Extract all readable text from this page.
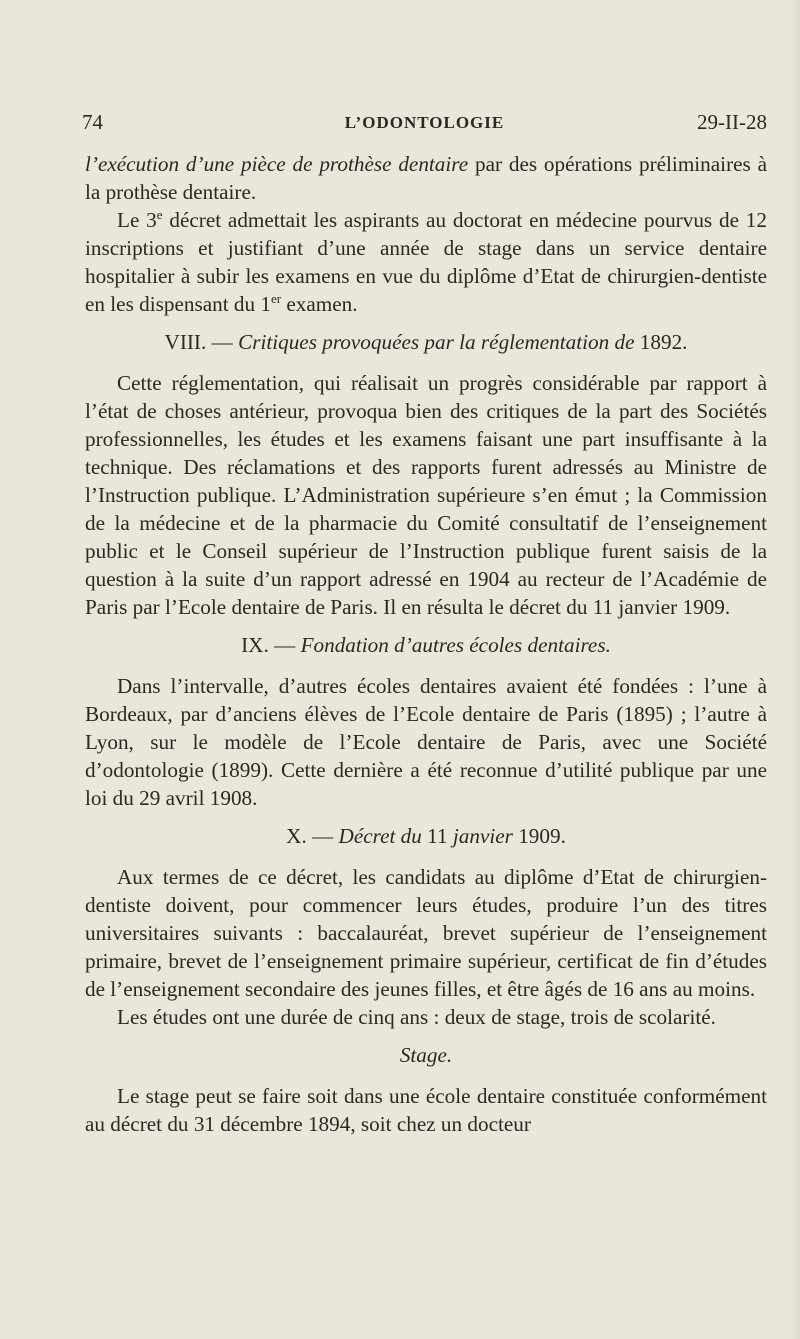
74	L’ODONTOLOGIE	29-II-28

l’exécution d’une pièce de prothèse dentaire par des opérations préliminaires à la prothèse dentaire.

Le 3e décret admettait les aspirants au doctorat en médecine pourvus de 12 inscriptions et justifiant d’une année de stage dans un service dentaire hospitalier à subir les examens en vue du diplôme d’Etat de chirurgien-dentiste en les dispensant du 1er examen.

VIII. — Critiques provoquées par la réglementation de 1892.

Cette réglementation, qui réalisait un progrès considérable par rapport à l’état de choses antérieur, provoqua bien des critiques de la part des Sociétés professionnelles, les études et les examens faisant une part insuffisante à la technique. Des réclamations et des rapports furent adressés au Ministre de l’Instruction publique. L’Administration supérieure s’en émut ; la Commission de la médecine et de la pharmacie du Comité consultatif de l’enseignement public et le Conseil supérieur de l’Instruction publique furent saisis de la question à la suite d’un rapport adressé en 1904 au recteur de l’Académie de Paris par l’Ecole dentaire de Paris. Il en résulta le décret du 11 janvier 1909.

IX. — Fondation d’autres écoles dentaires.

Dans l’intervalle, d’autres écoles dentaires avaient été fondées : l’une à Bordeaux, par d’anciens élèves de l’Ecole dentaire de Paris (1895) ; l’autre à Lyon, sur le modèle de l’Ecole dentaire de Paris, avec une Société d’odontologie (1899). Cette dernière a été reconnue d’utilité publique par une loi du 29 avril 1908.

X. — Décret du 11 janvier 1909.

Aux termes de ce décret, les candidats au diplôme d’Etat de chirurgien-dentiste doivent, pour commencer leurs études, produire l’un des titres universitaires suivants : baccalauréat, brevet supérieur de l’enseignement primaire, brevet de l’enseignement primaire supérieur, certificat de fin d’études de l’enseignement secondaire des jeunes filles, et être âgés de 16 ans au moins.

Les études ont une durée de cinq ans : deux de stage, trois de scolarité.

Stage.

Le stage peut se faire soit dans une école dentaire constituée conformément au décret du 31 décembre 1894, soit chez un docteur
